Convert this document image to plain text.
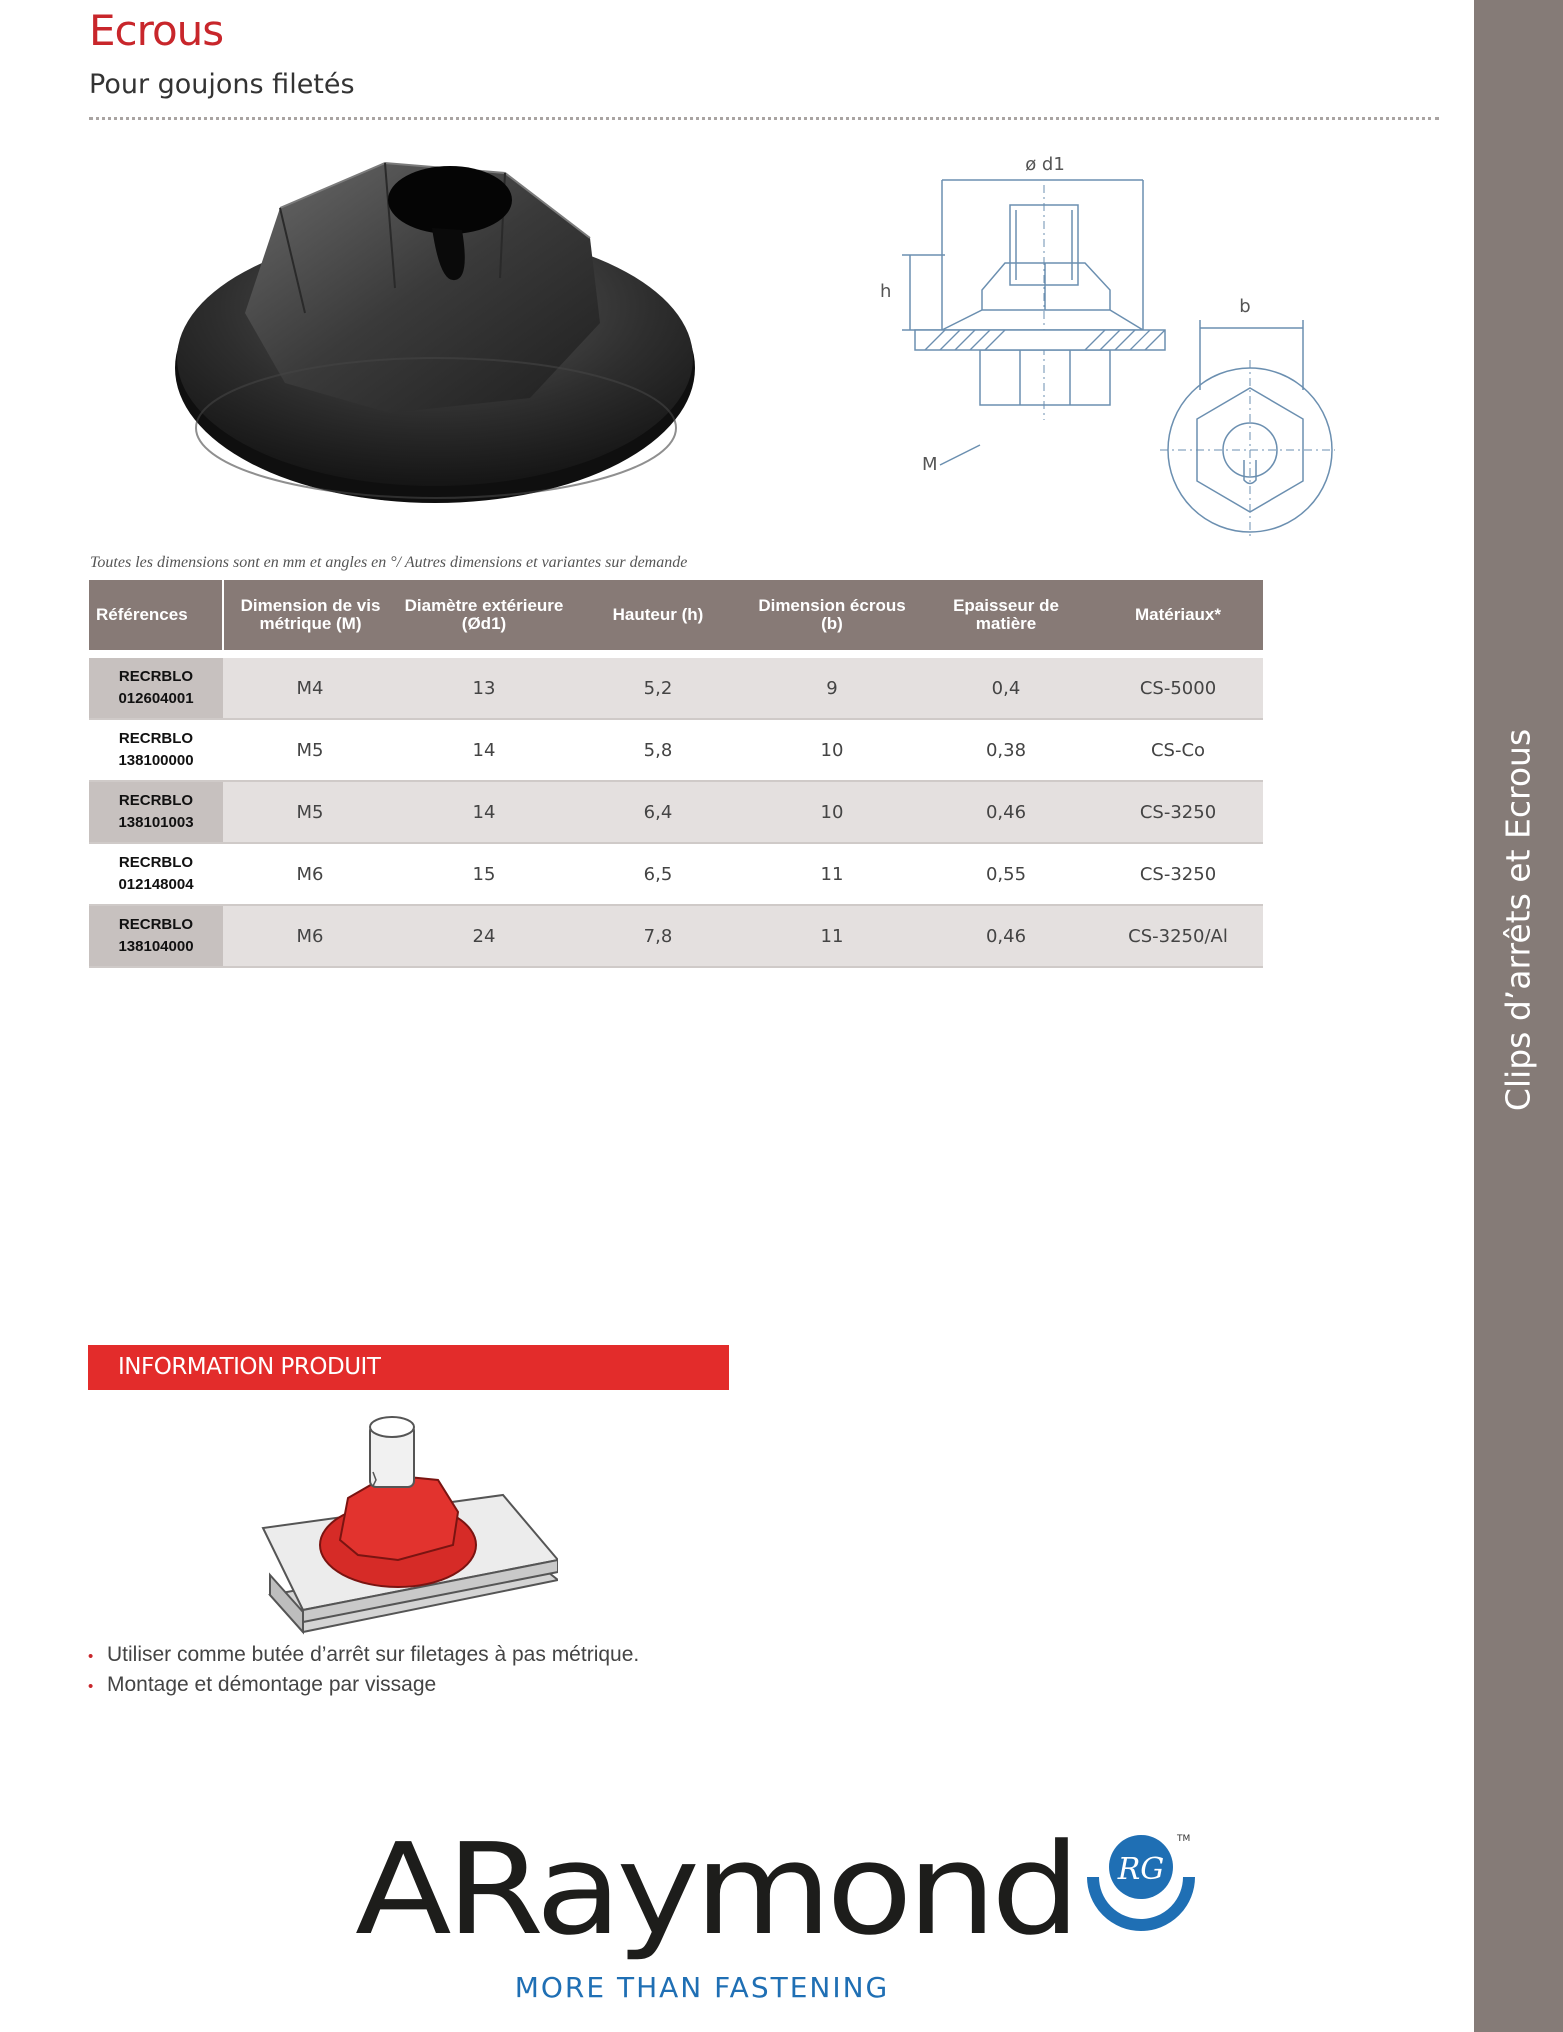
Clips d’arrêts et Ecrous
Ecrous
Pour goujons filetés
ø d1
h
b
M
Toutes les dimensions sont en mm et angles en °/ Autres dimensions et variantes sur demande
Références	Dimension de vis métrique (M)	Diamètre extérieure (Ød1)	Hauteur (h)	Dimension écrous (b)	Epaisseur de matière	Matériaux*
RECRBLO
012604001	M4	13	5,2	9	0,4	CS-5000
RECRBLO
138100000	M5	14	5,8	10	0,38	CS-Co
RECRBLO
138101003	M5	14	6,4	10	0,46	CS-3250
RECRBLO
012148004	M6	15	6,5	11	0,55	CS-3250
RECRBLO
138104000	M6	24	7,8	11	0,46	CS-3250/Al
INFORMATION PRODUIT
• Utiliser comme butée d’arrêt sur filetages à pas métrique.
• Montage et démontage par vissage
ARaymond RG
TM
MORE THAN FASTENING
